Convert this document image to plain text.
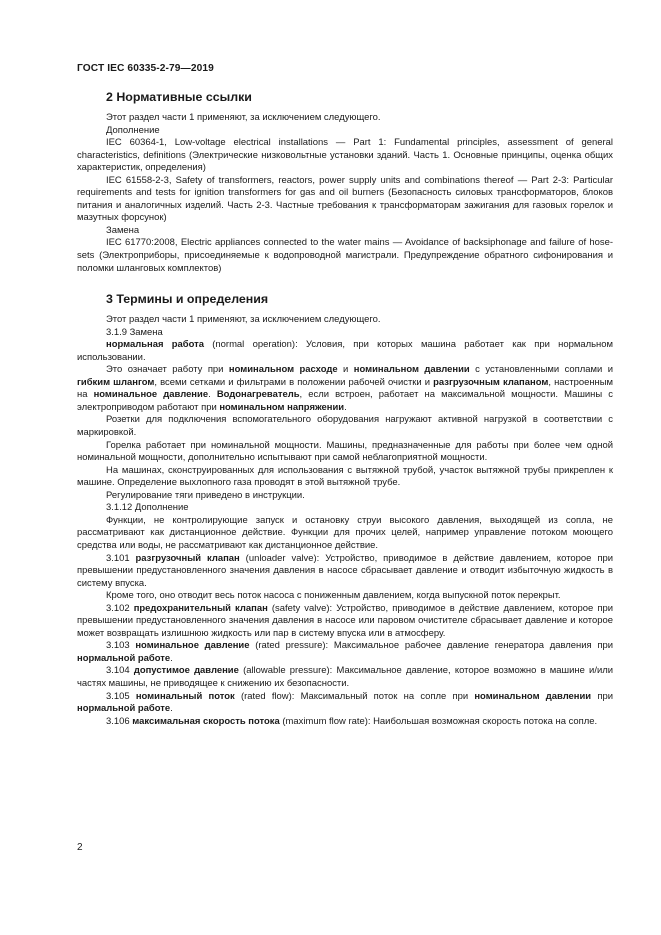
ГОСТ IEC 60335-2-79—2019
2 Нормативные ссылки

Этот раздел части 1 применяют, за исключением следующего.

Дополнение

IEC 60364-1, Low-voltage electrical installations — Part 1: Fundamental principles, assessment of general characteristics, definitions (Электрические низковольтные установки зданий. Часть 1. Основные принципы, оценка общих характеристик, определения)

IEC 61558-2-3, Safety of transformers, reactors, power supply units and combinations thereof — Part 2-3: Particular requirements and tests for ignition transformers for gas and oil burners (Безопасность силовых трансформаторов, блоков питания и аналогичных изделий. Часть 2-3. Частные требования к трансформаторам зажигания для газовых горелок и мазутных форсунок)

Замена

IEC 61770:2008, Electric appliances connected to the water mains — Avoidance of backsiphonage and failure of hose-sets (Электроприборы, присоединяемые к водопроводной магистрали. Предупреждение обратного сифонирования и поломки шланговых комплектов)

3 Термины и определения

Этот раздел части 1 применяют, за исключением следующего.

3.1.9 Замена

нормальная работа (normal operation): Условия, при которых машина работает как при нормальном использовании.

Это означает работу при номинальном расходе и номинальном давлении с установленными соплами и гибким шлангом, всеми сетками и фильтрами в положении рабочей очистки и разгрузочным клапаном, настроенным на номинальное давление. Водонагреватель, если встроен, работает на максимальной мощности. Машины с электроприводом работают при номинальном напряжении.

Розетки для подключения вспомогательного оборудования нагружают активной нагрузкой в соответствии с маркировкой.

Горелка работает при номинальной мощности. Машины, предназначенные для работы при более чем одной номинальной мощности, дополнительно испытывают при самой неблагоприятной мощности.

На машинах, сконструированных для использования с вытяжной трубой, участок вытяжной трубы прикреплен к машине. Определение выхлопного газа проводят в этой вытяжной трубе.

Регулирование тяги приведено в инструкции.

3.1.12 Дополнение

Функции, не контролирующие запуск и остановку струи высокого давления, выходящей из сопла, не рассматривают как дистанционное действие. Функции для прочих целей, например управление потоком моющего средства или воды, не рассматривают как дистанционное действие.

3.101 разгрузочный клапан (unloader valve): Устройство, приводимое в действие давлением, которое при превышении предустановленного значения давления в насосе сбрасывает давление и отводит избыточную жидкость в систему впуска.

Кроме того, оно отводит весь поток насоса с пониженным давлением, когда выпускной поток перекрыт.

3.102 предохранительный клапан (safety valve): Устройство, приводимое в действие давлением, которое при превышении предустановленного значения давления в насосе или паровом очистителе сбрасывает давление и которое может возвращать излишнюю жидкость или пар в систему впуска или в атмосферу.

3.103 номинальное давление (rated pressure): Максимальное рабочее давление генератора давления при нормальной работе.

3.104 допустимое давление (allowable pressure): Максимальное давление, которое возможно в машине и/или частях машины, не приводящее к снижению их безопасности.

3.105 номинальный поток (rated flow): Максимальный поток на сопле при номинальном давлении при нормальной работе.

3.106 максимальная скорость потока (maximum flow rate): Наибольшая возможная скорость потока на сопле.

2
